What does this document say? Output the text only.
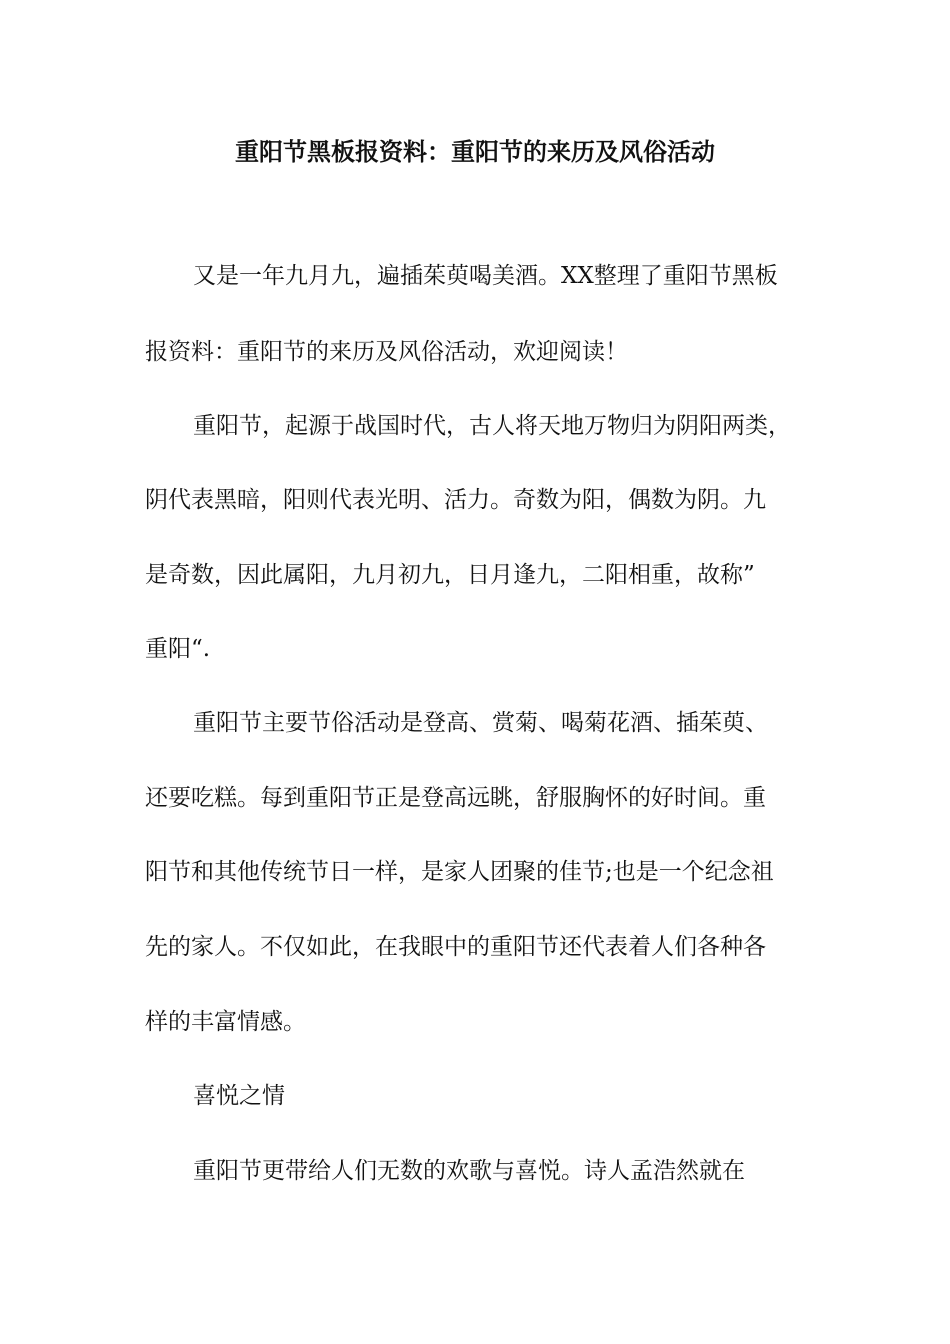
重阳节黑板报资料：重阳节的来历及风俗活动
又是一年九月九，遍插茱萸喝美酒。XX整理了重阳节黑板
报资料：重阳节的来历及风俗活动，欢迎阅读！
重阳节，起源于战国时代，古人将天地万物归为阴阳两类，
阴代表黑暗，阳则代表光明、活力。奇数为阳，偶数为阴。九
是奇数，因此属阳，九月初九，日月逢九，二阳相重，故称”
重阳“.
重阳节主要节俗活动是登高、赏菊、喝菊花酒、插茱萸、
还要吃糕。每到重阳节正是登高远眺，舒服胸怀的好时间。重
阳节和其他传统节日一样，是家人团聚的佳节;也是一个纪念祖
先的家人。不仅如此，在我眼中的重阳节还代表着人们各种各
样的丰富情感。
喜悦之情
重阳节更带给人们无数的欢歌与喜悦。诗人孟浩然就在
